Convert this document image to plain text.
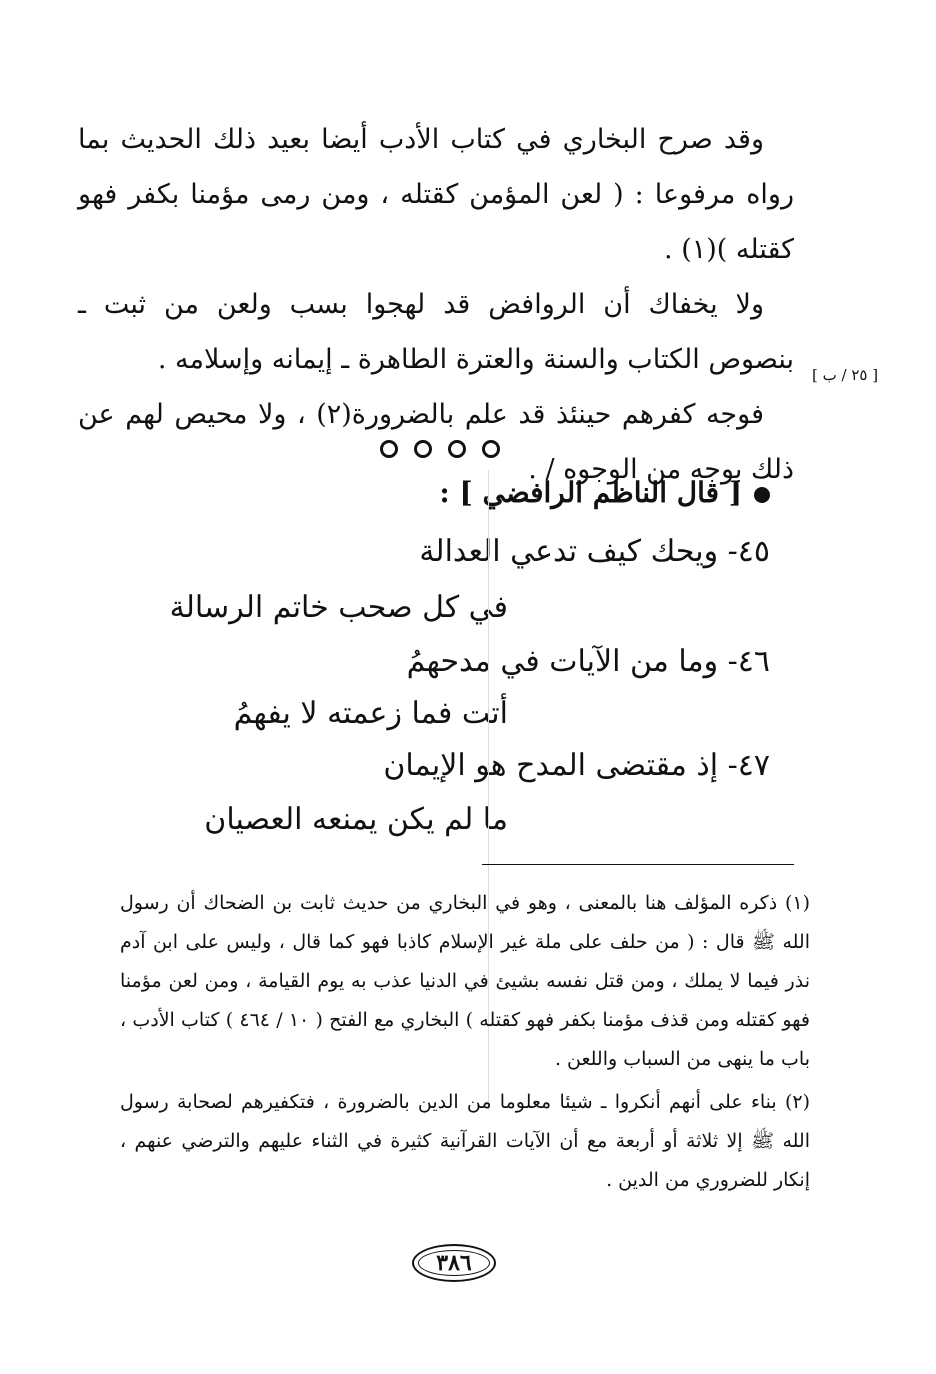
وقد صرح البخاري في كتاب الأدب أيضا بعيد ذلك الحديث بما رواه مرفوعا : ( لعن المؤمن كقتله ، ومن رمى مؤمنا بكفر فهو كقتله )(١) .

ولا يخفاك أن الروافض قد لهجوا بسب ولعن من ثبت ـ بنصوص الكتاب والسنة والعترة الطاهرة ـ إيمانه وإسلامه .

فوجه كفرهم حينئذ قد علم بالضرورة(٢) ، ولا محيص لهم عن ذلك بوجه من الوجوه / .

[ ٢٥ / ب ]
[ قال الناظم الرافضي ] :
٤٥- ويحك كيف تدعي العدالة
في كل صحب خاتم الرسالة
٤٦- وما من الآيات في مدحهمُ
أتت فما زعمته لا يفهمُ
٤٧- إذ مقتضى المدح هو الإيمان
ما لم يكن يمنعه العصيان

(١) ذكره المؤلف هنا بالمعنى ، وهو في البخاري من حديث ثابت بن الضحاك أن رسول الله ﷺ قال : ( من حلف على ملة غير الإسلام كاذبا فهو كما قال ، وليس على ابن آدم نذر فيما لا يملك ، ومن قتل نفسه بشيئ في الدنيا عذب به يوم القيامة ، ومن لعن مؤمنا فهو كقتله ومن قذف مؤمنا بكفر فهو كقتله ) البخاري مع الفتح ( ١٠ / ٤٦٤ ) كتاب الأدب ، باب ما ينهى من السباب واللعن .

(٢) بناء على أنهم أنكروا ـ شيئا معلوما من الدين بالضرورة ، فتكفيرهم لصحابة رسول الله ﷺ إلا ثلاثة أو أربعة مع أن الآيات القرآنية كثيرة في الثناء عليهم والترضي عنهم ، إنكار للضروري من الدين .

٣٨٦
